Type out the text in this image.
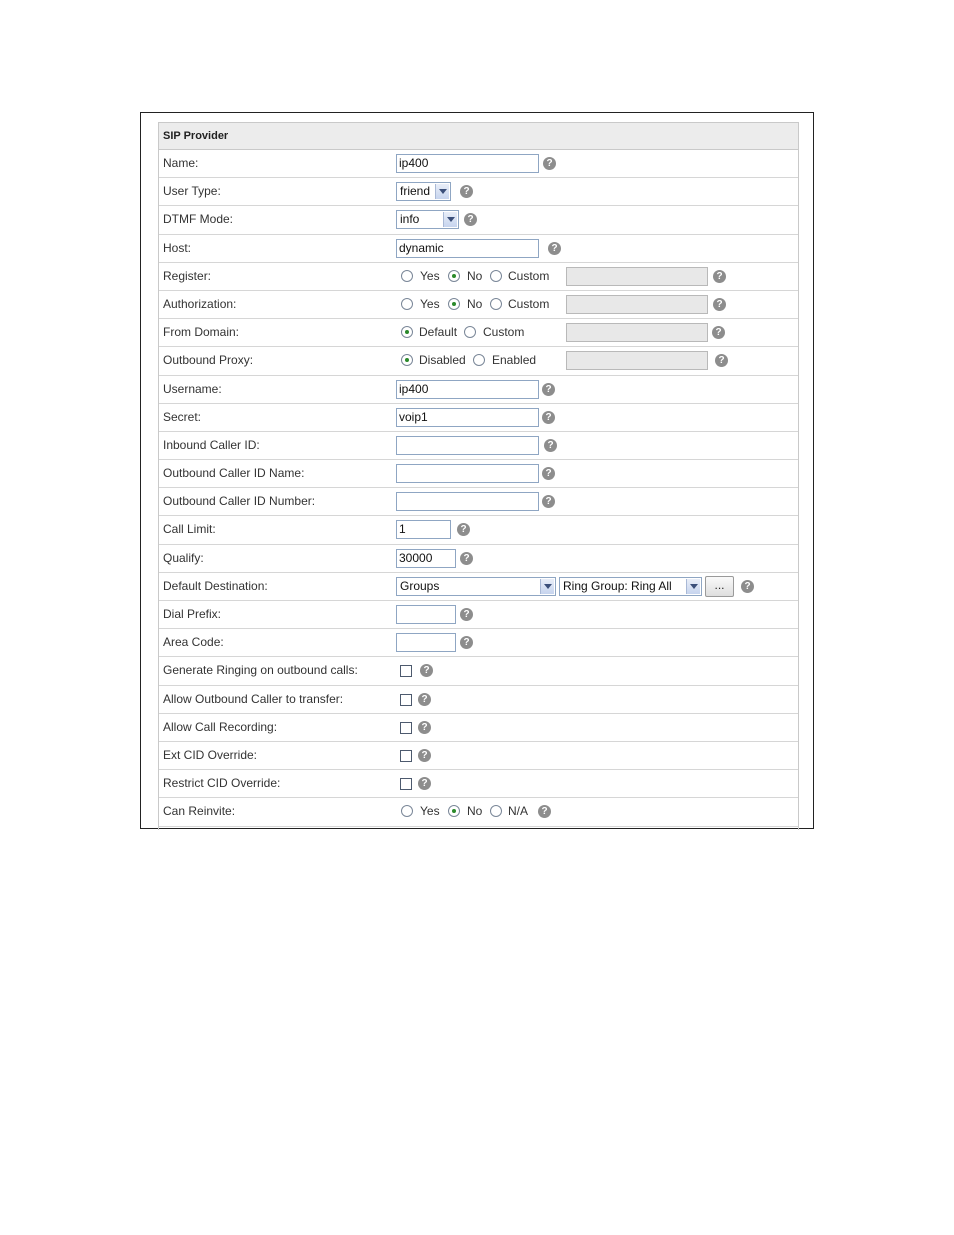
SIP Provider
Name:	ip400	?
User Type:	friend	?
DTMF Mode:	info	?
Host:	dynamic	?
Register:	Yes No Custom	?
Authorization:	Yes No Custom	?
From Domain:	Default Custom	?
Outbound Proxy:	Disabled Enabled	?
Username:	ip400	?
Secret:	voip1	?
Inbound Caller ID:	?
Outbound Caller ID Name:	?
Outbound Caller ID Number:	?
Call Limit:	1	?
Qualify:	30000	?
Default Destination:	Groups	Ring Group: Ring All	...	?
Dial Prefix:	?
Area Code:	?
Generate Ringing on outbound calls:	?
Allow Outbound Caller to transfer:	?
Allow Call Recording:	?
Ext CID Override:	?
Restrict CID Override:	?
Can Reinvite:	Yes No N/A	?
